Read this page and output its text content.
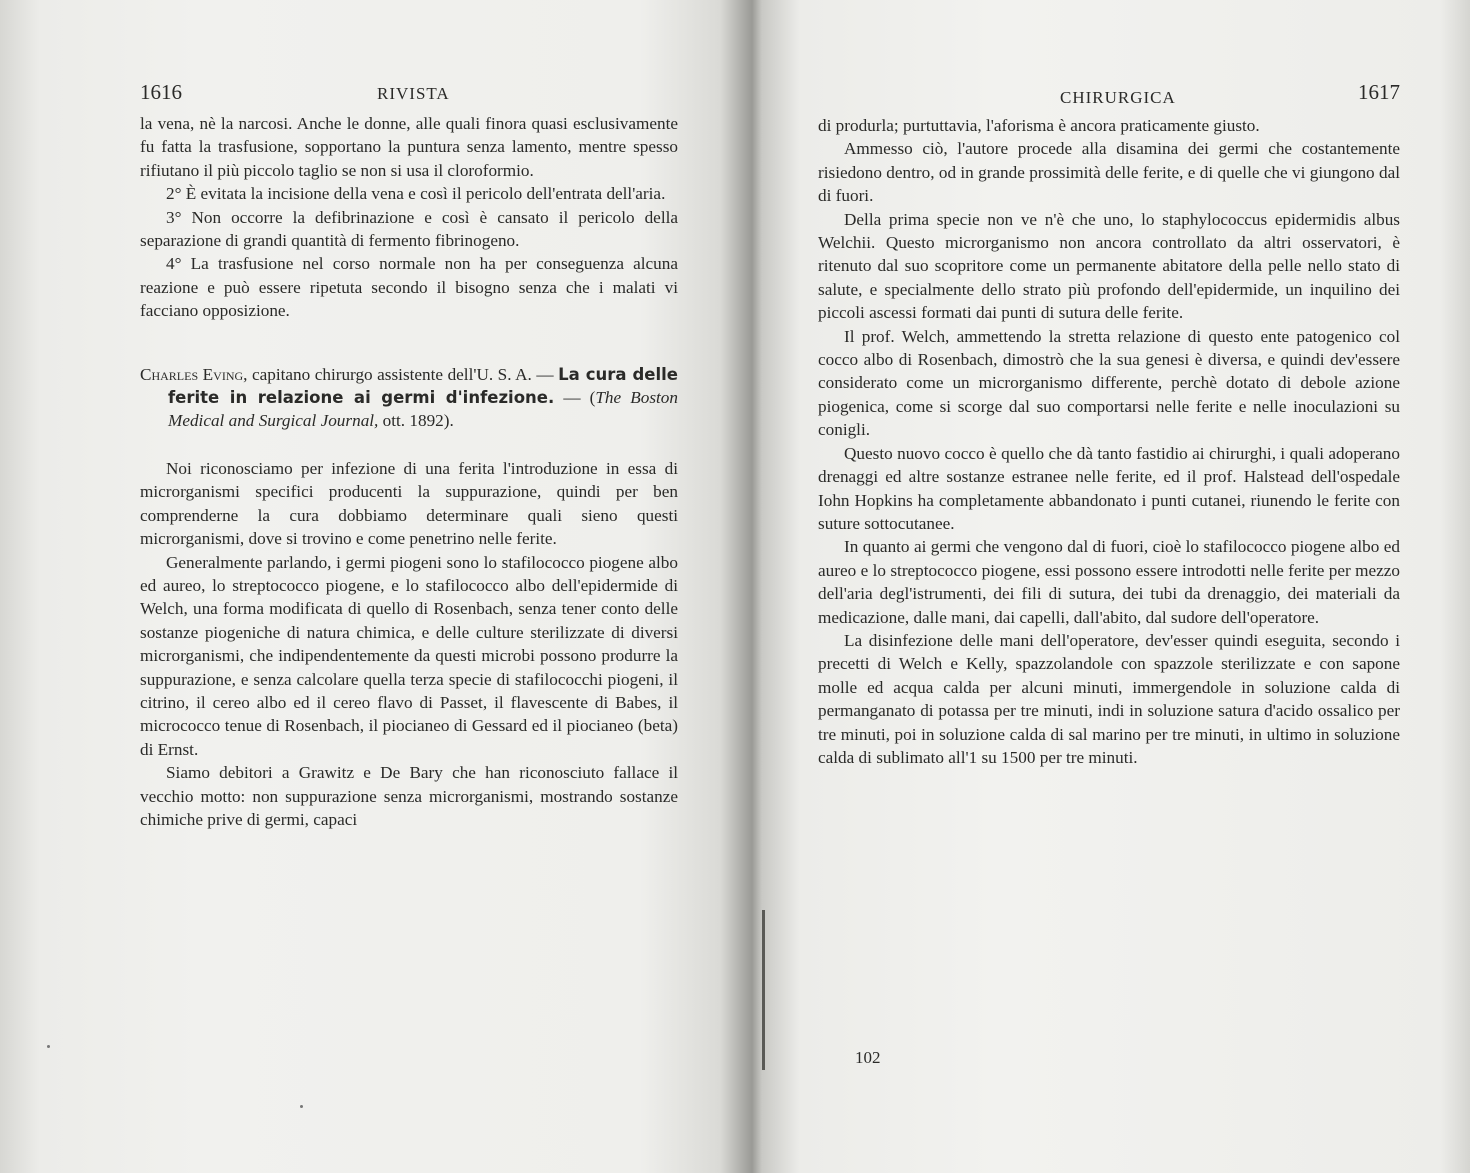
1616	RIVISTA

la vena, nè la narcosi. Anche le donne, alle quali finora quasi esclusivamente fu fatta la trasfusione, sopportano la puntura senza lamento, mentre spesso rifiutano il più piccolo taglio se non si usa il cloroformio.

2° È evitata la incisione della vena e così il pericolo dell'entrata dell'aria.

3° Non occorre la defibrinazione e così è cansato il pericolo della separazione di grandi quantità di fermento fibrinogeno.

4° La trasfusione nel corso normale non ha per conseguenza alcuna reazione e può essere ripetuta secondo il bisogno senza che i malati vi facciano opposizione.

Charles Eving, capitano chirurgo assistente dell'U. S. A. — La cura delle ferite in relazione ai germi d'infezione. — (The Boston Medical and Surgical Journal, ott. 1892).

Noi riconosciamo per infezione di una ferita l'introduzione in essa di microrganismi specifici producenti la suppurazione, quindi per ben comprenderne la cura dobbiamo determinare quali sieno questi microrganismi, dove si trovino e come penetrino nelle ferite.

Generalmente parlando, i germi piogeni sono lo stafilococco piogene albo ed aureo, lo streptococco piogene, e lo stafilococco albo dell'epidermide di Welch, una forma modificata di quello di Rosenbach, senza tener conto delle sostanze piogeniche di natura chimica, e delle culture sterilizzate di diversi microrganismi, che indipendentemente da questi microbi possono produrre la suppurazione, e senza calcolare quella terza specie di stafilococchi piogeni, il citrino, il cereo albo ed il cereo flavo di Passet, il flavescente di Babes, il micrococco tenue di Rosenbach, il piocianeo di Gessard ed il piocianeo (beta) di Ernst.

Siamo debitori a Grawitz e De Bary che han riconosciuto fallace il vecchio motto: non suppurazione senza microrganismi, mostrando sostanze chimiche prive di germi, capaci

CHIRURGICA	1617

di produrla; purtuttavia, l'aforisma è ancora praticamente giusto.

Ammesso ciò, l'autore procede alla disamina dei germi che costantemente risiedono dentro, od in grande prossimità delle ferite, e di quelle che vi giungono dal di fuori.

Della prima specie non ve n'è che uno, lo staphylococcus epidermidis albus Welchii. Questo microrganismo non ancora controllato da altri osservatori, è ritenuto dal suo scopritore come un permanente abitatore della pelle nello stato di salute, e specialmente dello strato più profondo dell'epidermide, un inquilino dei piccoli ascessi formati dai punti di sutura delle ferite.

Il prof. Welch, ammettendo la stretta relazione di questo ente patogenico col cocco albo di Rosenbach, dimostrò che la sua genesi è diversa, e quindi dev'essere considerato come un microrganismo differente, perchè dotato di debole azione piogenica, come si scorge dal suo comportarsi nelle ferite e nelle inoculazioni su conigli.

Questo nuovo cocco è quello che dà tanto fastidio ai chirurghi, i quali adoperano drenaggi ed altre sostanze estranee nelle ferite, ed il prof. Halstead dell'ospedale Iohn Hopkins ha completamente abbandonato i punti cutanei, riunendo le ferite con suture sottocutanee.

In quanto ai germi che vengono dal di fuori, cioè lo stafilococco piogene albo ed aureo e lo streptococco piogene, essi possono essere introdotti nelle ferite per mezzo dell'aria degl'istrumenti, dei fili di sutura, dei tubi da drenaggio, dei materiali da medicazione, dalle mani, dai capelli, dall'abito, dal sudore dell'operatore.

La disinfezione delle mani dell'operatore, dev'esser quindi eseguita, secondo i precetti di Welch e Kelly, spazzolandole con spazzole sterilizzate e con sapone molle ed acqua calda per alcuni minuti, immergendole in soluzione calda di permanganato di potassa per tre minuti, indi in soluzione satura d'acido ossalico per tre minuti, poi in soluzione calda di sal marino per tre minuti, in ultimo in soluzione calda di sublimato all'1 su 1500 per tre minuti.

102
